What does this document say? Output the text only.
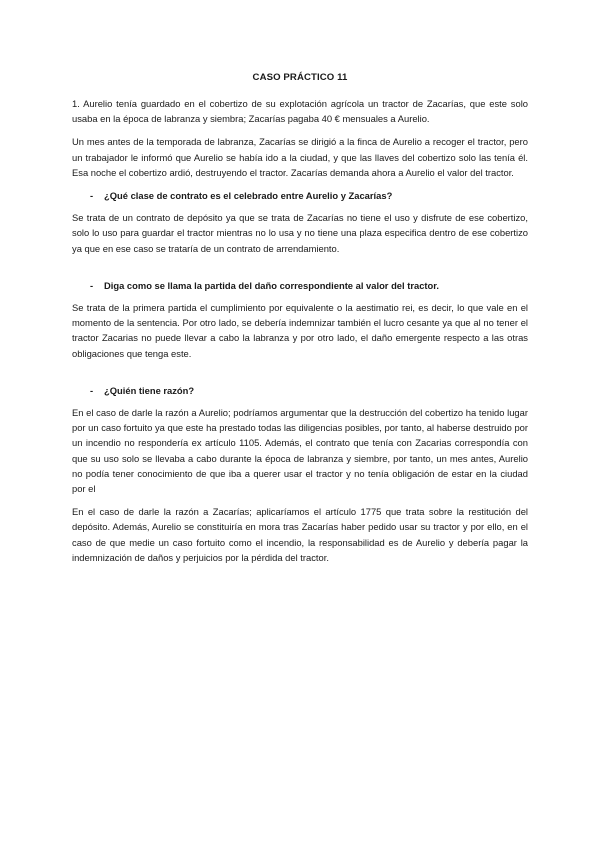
CASO PRÁCTICO 11

1. Aurelio tenía guardado en el cobertizo de su explotación agrícola un tractor de Zacarías, que este solo usaba en la época de labranza y siembra; Zacarías pagaba 40 € mensuales a Aurelio.

Un mes antes de la temporada de labranza, Zacarías se dirigió a la finca de Aurelio a recoger el tractor, pero un trabajador le informó que Aurelio se había ido a la ciudad, y que las llaves del cobertizo solo las tenía él. Esa noche el cobertizo ardió, destruyendo el tractor. Zacarías demanda ahora a Aurelio el valor del tractor.

-	¿Qué clase de contrato es el celebrado entre Aurelio y Zacarías?

Se trata de un contrato de depósito ya que se trata de Zacarías no tiene el uso y disfrute de ese cobertizo, solo lo uso para guardar el tractor mientras no lo usa y no tiene una plaza especifica dentro de ese cobertizo ya que en ese caso se trataría de un contrato de arrendamiento.

-	Diga como se llama la partida del daño correspondiente al valor del tractor.

Se trata de la primera partida el cumplimiento por equivalente o la aestimatio rei, es decir, lo que vale en el momento de la sentencia. Por otro lado, se debería indemnizar también el lucro cesante ya que al no tener el tractor Zacarias no puede llevar a cabo la labranza y por otro lado, el daño emergente respecto a las otras obligaciones que tenga este.

-	¿Quién tiene razón?

En el caso de darle la razón a Aurelio; podríamos argumentar que la destrucción del cobertizo ha tenido lugar por un caso fortuito ya que este ha prestado todas las diligencias posibles, por tanto, al haberse destruido por un incendio no respondería ex artículo 1105. Además, el contrato que tenía con Zacarias correspondía con que su uso solo se llevaba a cabo durante la época de labranza y siembre, por tanto, un mes antes, Aurelio no podía tener conocimiento de que iba a querer usar el tractor y no tenía obligación de estar en la ciudad por el

En el caso de darle la razón a Zacarías; aplicaríamos el artículo 1775 que trata sobre la restitución del depósito. Además, Aurelio se constituiría en mora tras Zacarías haber pedido usar su tractor y por ello, en el caso de que medie un caso fortuito como el incendio, la responsabilidad es de Aurelio y debería pagar la indemnización de daños y perjuicios por la pérdida del tractor.
